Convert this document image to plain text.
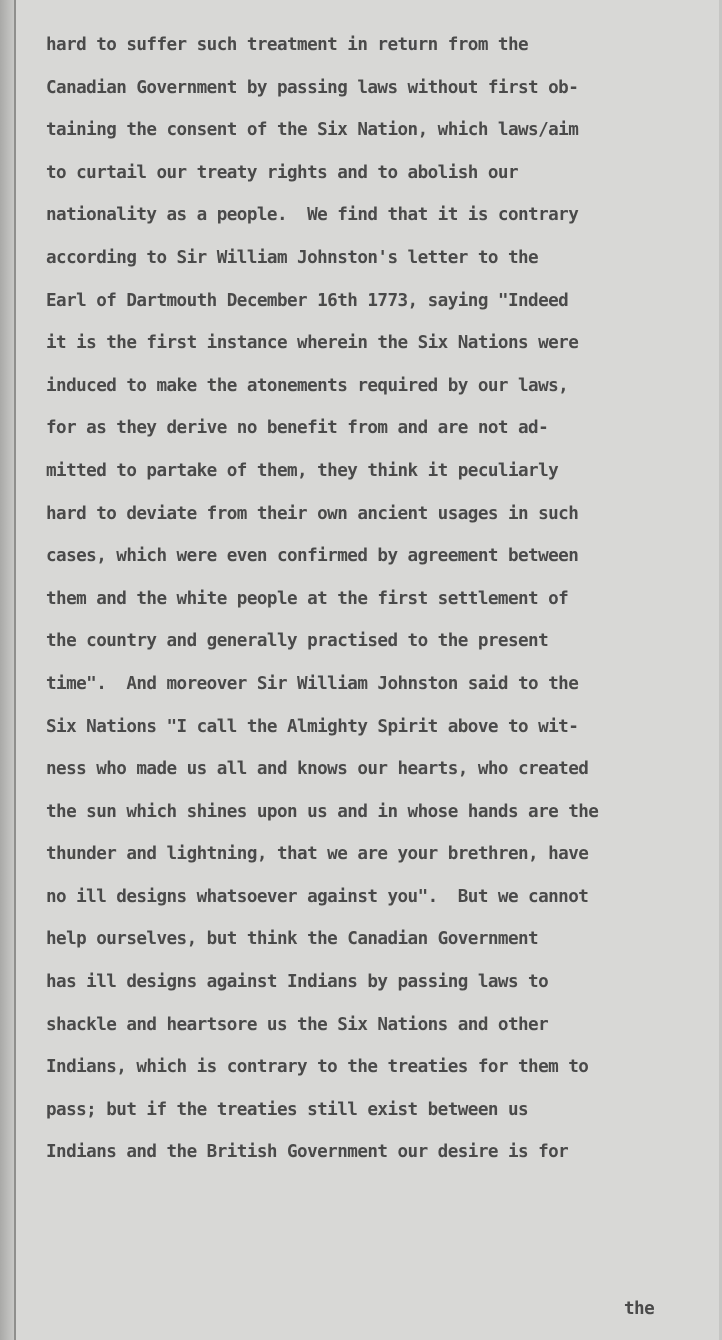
hard to suffer such treatment in return from the
Canadian Government by passing laws without first ob-
taining the consent of the Six Nation, which laws/aim
to curtail our treaty rights and to abolish our
nationality as a people.  We find that it is contrary
according to Sir William Johnston's letter to the
Earl of Dartmouth December 16th 1773, saying "Indeed
it is the first instance wherein the Six Nations were
induced to make the atonements required by our laws,
for as they derive no benefit from and are not ad-
mitted to partake of them, they think it peculiarly
hard to deviate from their own ancient usages in such
cases, which were even confirmed by agreement between
them and the white people at the first settlement of
the country and generally practised to the present
time".  And moreover Sir William Johnston said to the
Six Nations "I call the Almighty Spirit above to wit-
ness who made us all and knows our hearts, who created
the sun which shines upon us and in whose hands are the
thunder and lightning, that we are your brethren, have
no ill designs whatsoever against you".  But we cannot
help ourselves, but think the Canadian Government
has ill designs against Indians by passing laws to
shackle and heartsore us the Six Nations and other
Indians, which is contrary to the treaties for them to
pass; but if the treaties still exist between us
Indians and the British Government our desire is for
the
